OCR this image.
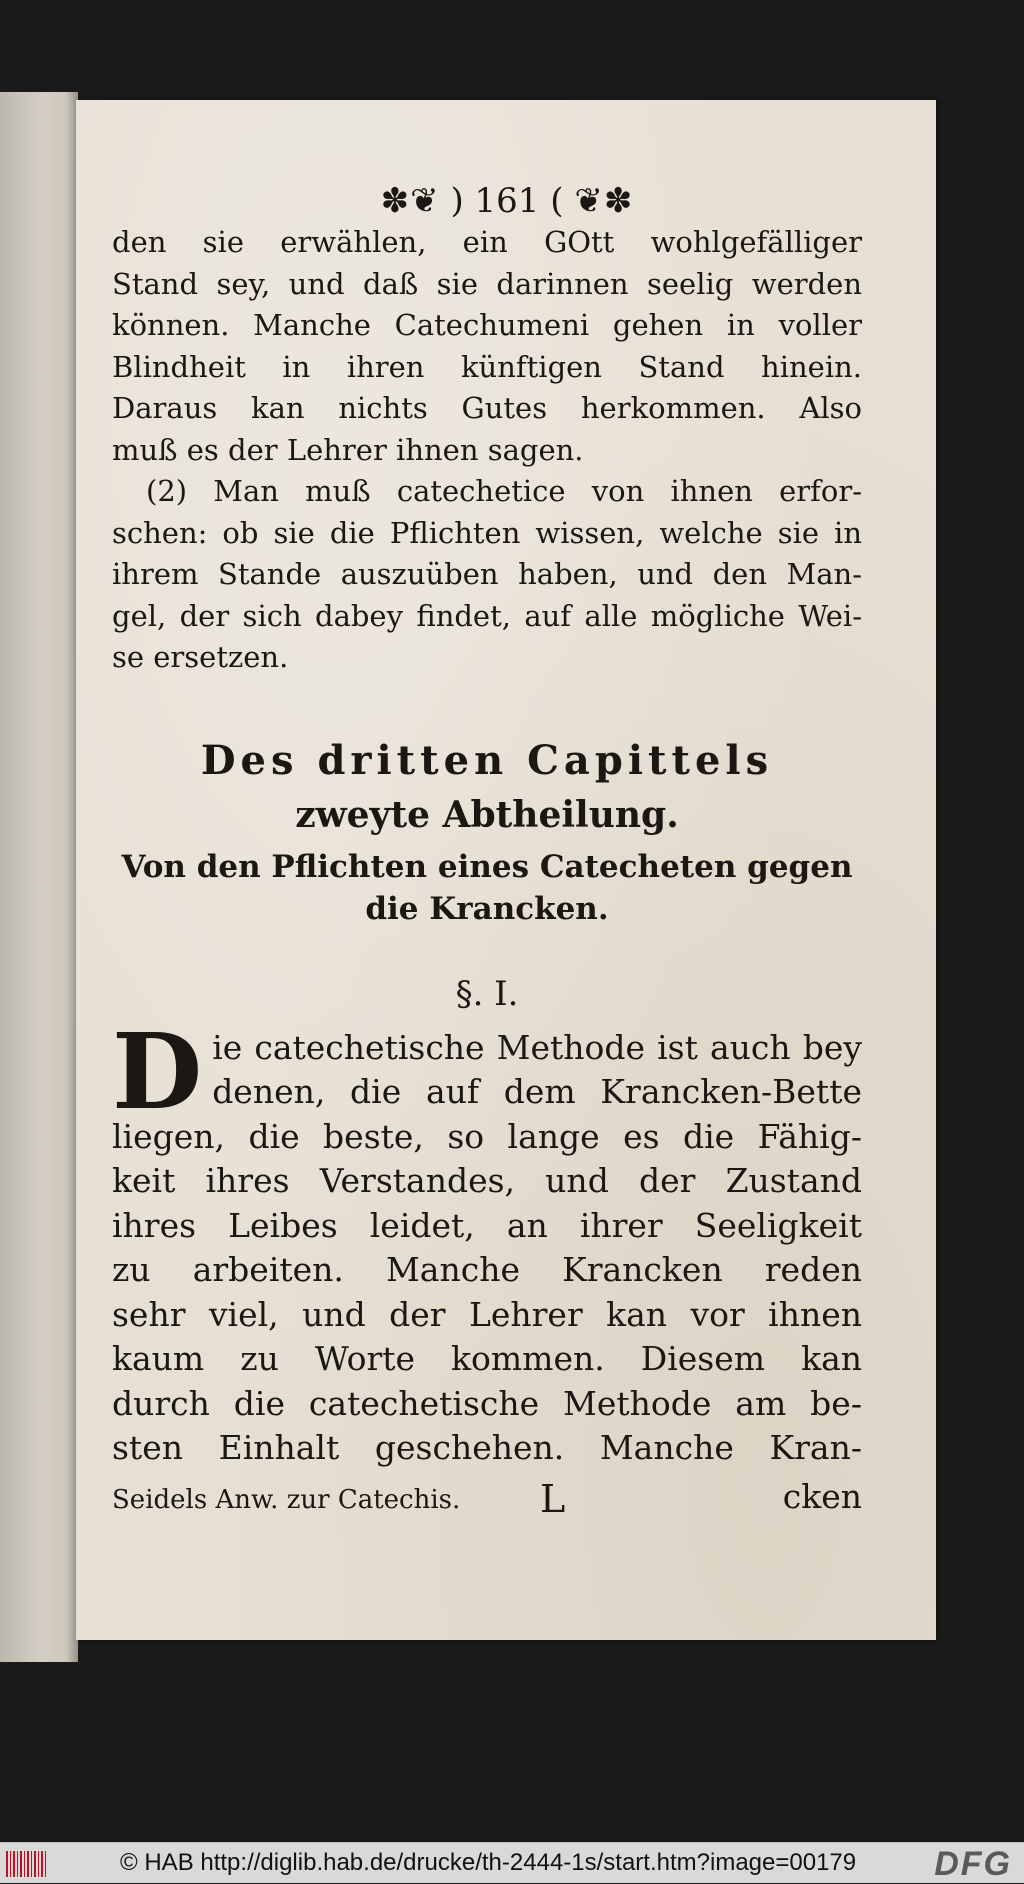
✽❦ ) 161 ( ❦✽
den sie erwählen, ein GOtt wohlgefälliger
Stand sey, und daß sie darinnen seelig werden
können. Manche Catechumeni gehen in voller
Blindheit in ihren künftigen Stand hinein.
Daraus kan nichts Gutes herkommen. Also
muß es der Lehrer ihnen sagen.
(2) Man muß catechetice von ihnen erfor-
schen: ob sie die Pflichten wissen, welche sie in
ihrem Stande auszuüben haben, und den Man-
gel, der sich dabey findet, auf alle mögliche Wei-
se ersetzen.
Des dritten Capittels
zweyte Abtheilung.
Von den Pflichten eines Catecheten gegen
die Krancken.
§. I.
D ie catechetische Methode ist auch bey
denen, die auf dem Krancken-Bette
liegen, die beste, so lange es die Fähig-
keit ihres Verstandes, und der Zustand
ihres Leibes leidet, an ihrer Seeligkeit
zu arbeiten. Manche Krancken reden
sehr viel, und der Lehrer kan vor ihnen
kaum zu Worte kommen. Diesem kan
durch die catechetische Methode am be-
sten Einhalt geschehen. Manche Kran-
Seidels Anw. zur Catechis. L	cken
© HAB http://diglib.hab.de/drucke/th-2444-1s/start.htm?image=00179 DFG
